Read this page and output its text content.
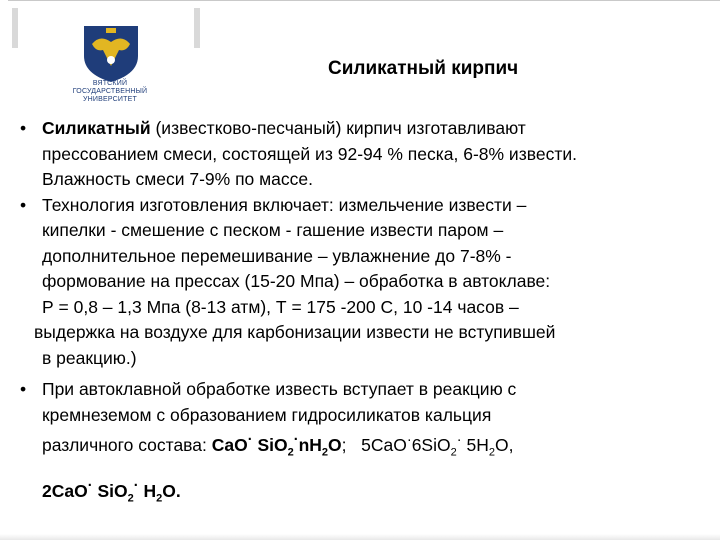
ВЯТСКИЙ
ГОСУДАРСТВЕННЫЙ
УНИВЕРСИТЕТ
Силикатный кирпич
• Силикатный (известково-песчаный) кирпич изготавливают
прессованием смеси, состоящей из 92-94 % песка, 6-8% извести.
Влажность смеси 7-9% по массе.
• Технология изготовления включает: измельчение извести –
кипелки - смешение с песком - гашение извести паром –
дополнительное перемешивание – увлажнение до 7-8% -
формование на прессах (15-20 Мпа) – обработка в автоклаве:
Р = 0,8 – 1,3 Мпа (8-13 атм), Т = 175 -200 С, 10 -14 часов –
выдержка на воздухе для карбонизации извести не вступившей
в реакцию.)
• При автоклавной обработке известь вступает в реакцию с
кремнеземом с образованием гидросиликатов кальция
различного состава: CaO· $SiO_2^\cdot nH_2O$;   5CaO·6SiO$_2$· $5H_2O$,
2CaO· SiO$_2$· $H_2O$.
